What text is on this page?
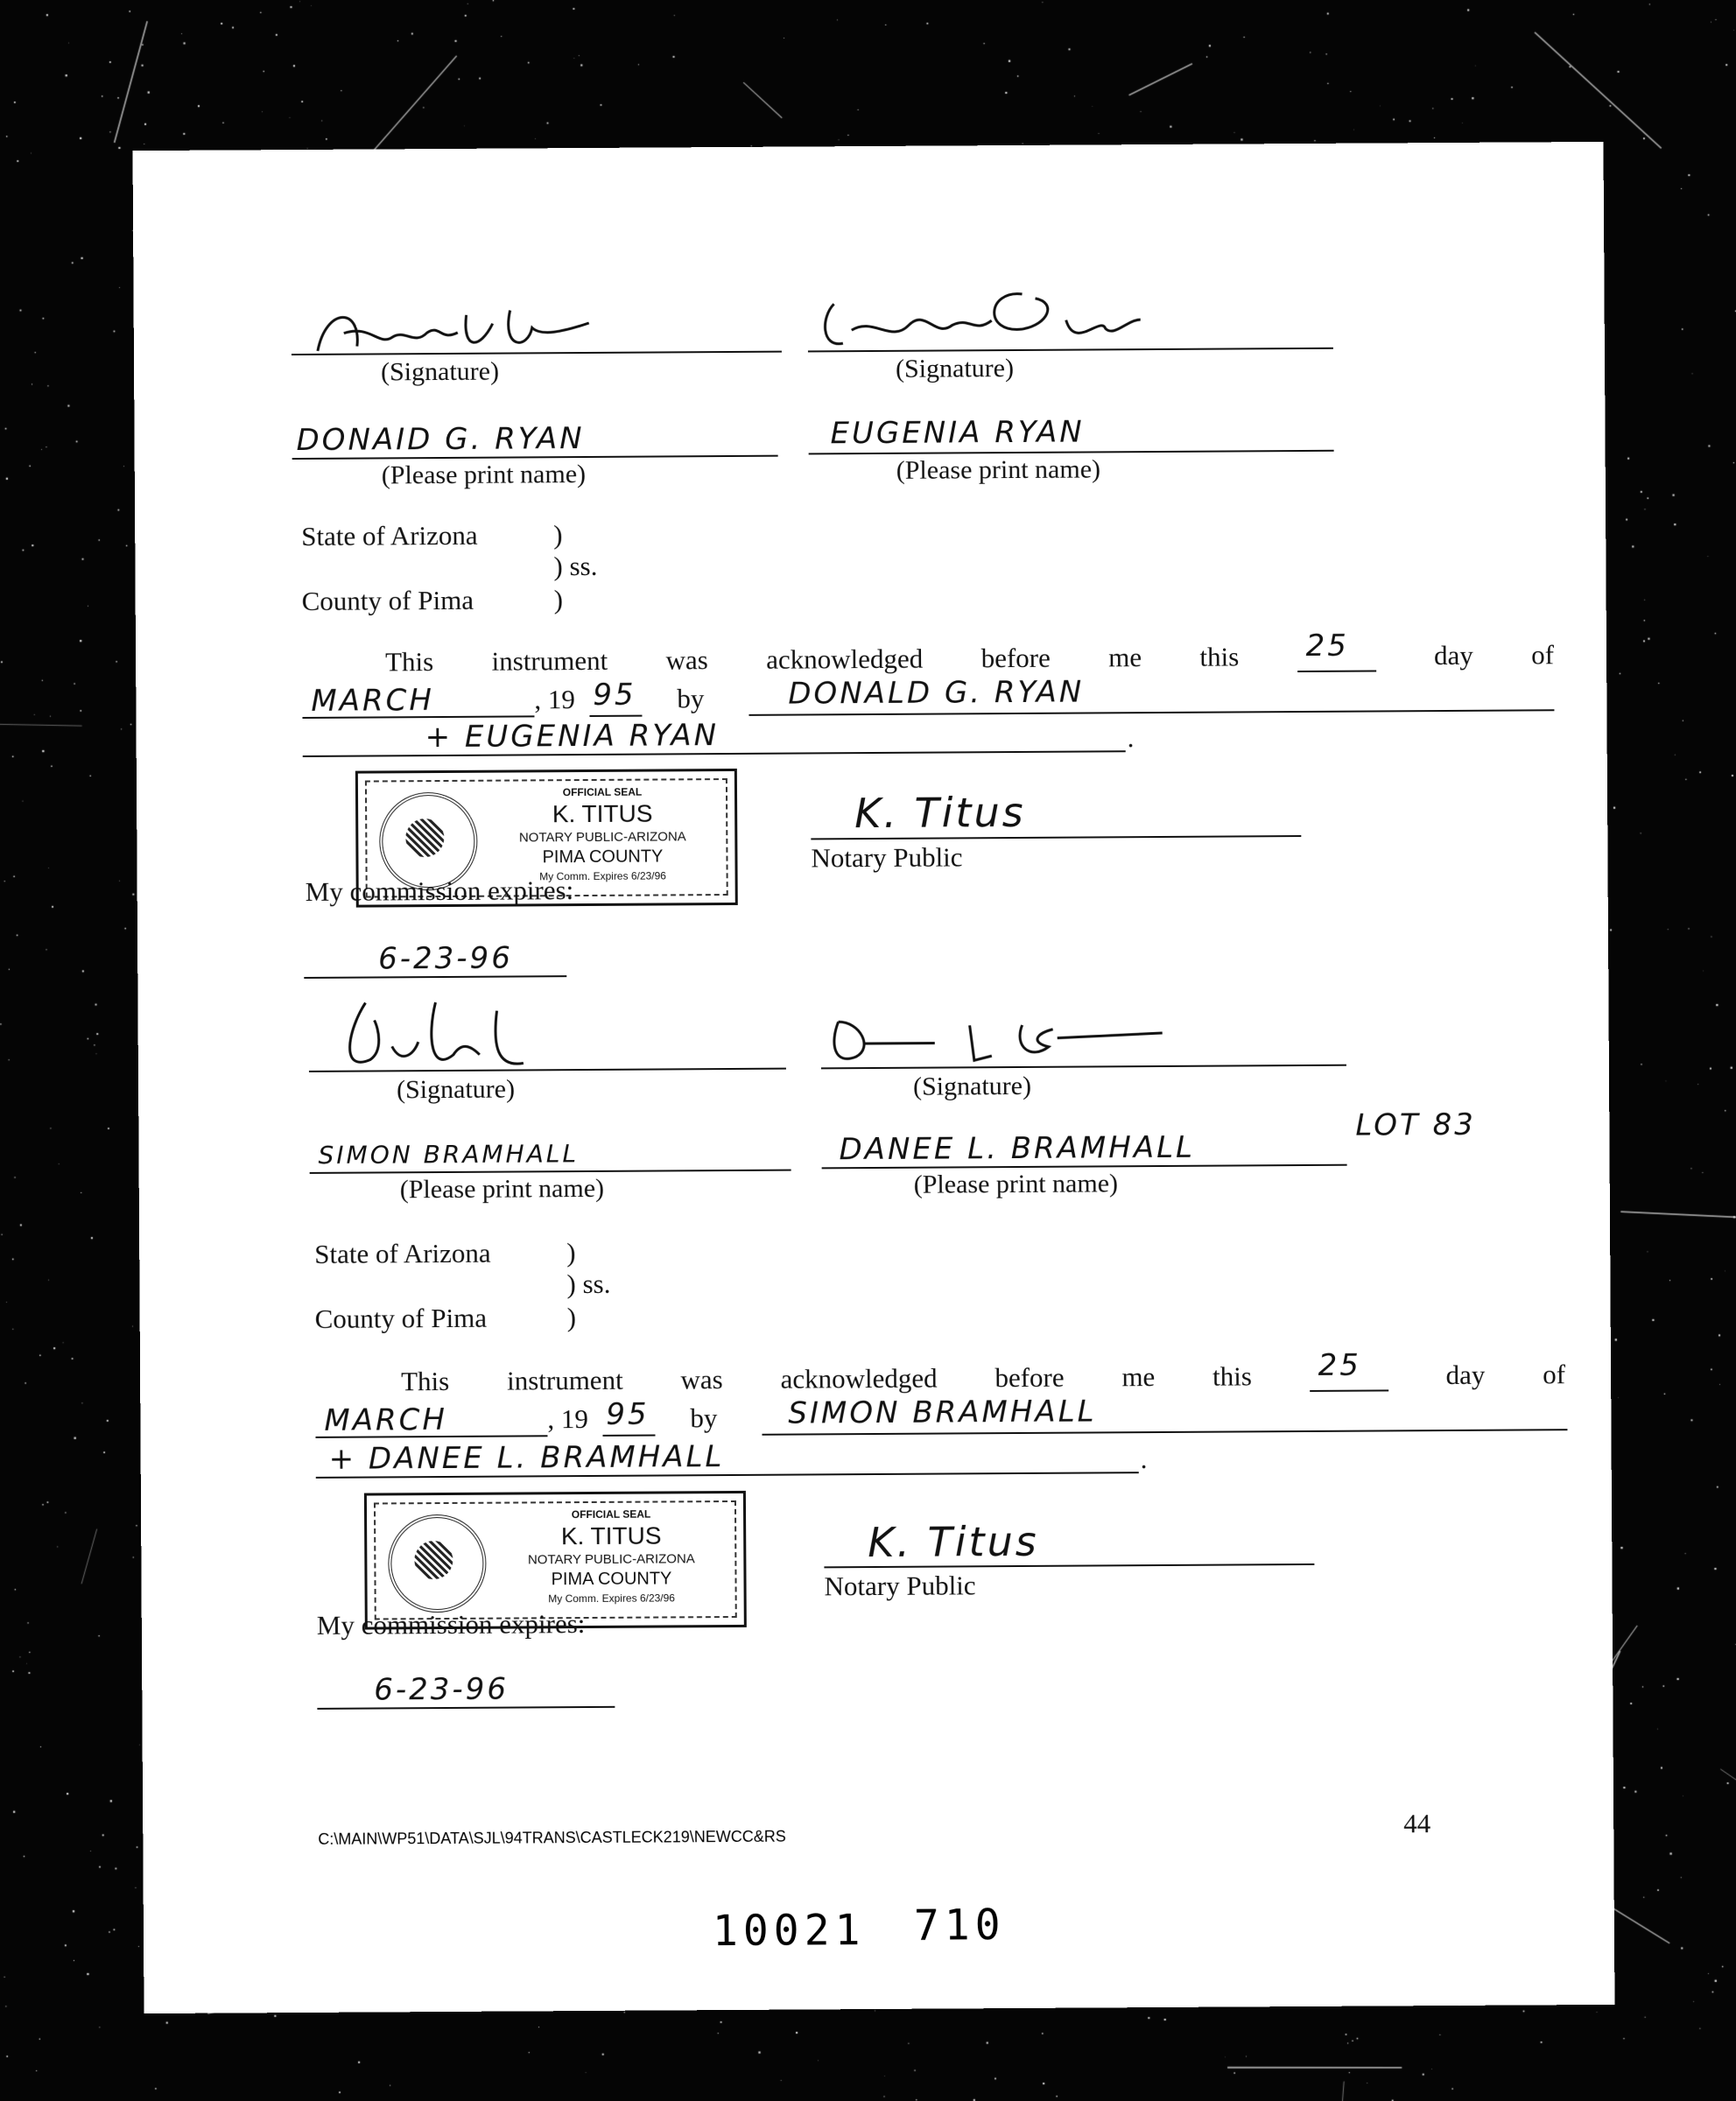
(Signature)	(Signature)
DONAID G. RYAN
(Please print name)
EUGENIA RYAN
(Please print name)
State of Arizona	)
) ss.
County of Pima	)
This instrument was acknowledged before me this 25	day of
MARCH	, 19 95 by	DONALD G. RYAN
+ EUGENIA RYAN	.
OFFICIAL SEAL
K. TITUS
NOTARY PUBLIC-ARIZONA
PIMA COUNTY
My Comm. Expires 6/23/96
K. Titus
Notary Public
My commission expires:
6-23-96
(Signature)	(Signature)
SIMON BRAMHALL
(Please print name)
DANEE L. BRAMHALL
(Please print name)
LOT 83
State of Arizona	)
) ss.
County of Pima	)
This instrument was acknowledged before me this 25	day of
MARCH	, 19 95 by SIMON BRAMHALL
+ DANEE L. BRAMHALL	.
OFFICIAL SEAL
K. TITUS
NOTARY PUBLIC-ARIZONA
PIMA COUNTY
My Comm. Expires 6/23/96
K. Titus
Notary Public
My commission expires:
6-23-96
C:\MAIN\WP51\DATA\SJL\94TRANS\CASTLECK219\NEWCC&RS	44
10021 710
